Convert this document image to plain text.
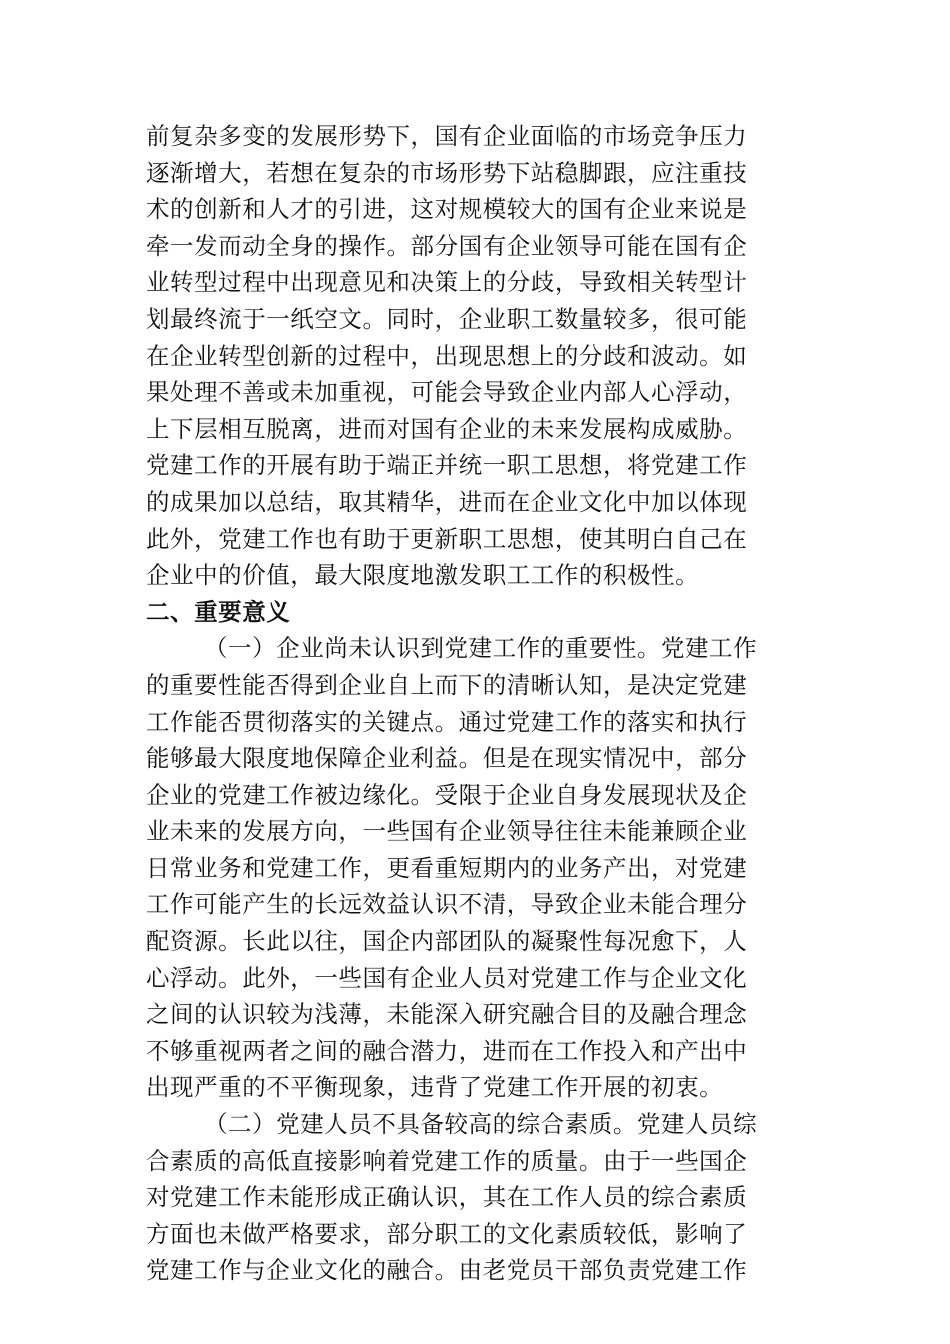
前复杂多变的发展形势下，国有企业面临的市场竞争压力
逐渐增大，若想在复杂的市场形势下站稳脚跟，应注重技
术的创新和人才的引进，这对规模较大的国有企业来说是
牵一发而动全身的操作。部分国有企业领导可能在国有企
业转型过程中出现意见和决策上的分歧，导致相关转型计
划最终流于一纸空文。同时，企业职工数量较多，很可能
在企业转型创新的过程中，出现思想上的分歧和波动。如
果处理不善或未加重视，可能会导致企业内部人心浮动，
上下层相互脱离，进而对国有企业的未来发展构成威胁。
党建工作的开展有助于端正并统一职工思想，将党建工作
的成果加以总结，取其精华，进而在企业文化中加以体现
此外，党建工作也有助于更新职工思想，使其明白自己在
企业中的价值，最大限度地激发职工工作的积极性。

二、重要意义

（一）企业尚未认识到党建工作的重要性。党建工作
的重要性能否得到企业自上而下的清晰认知，是决定党建
工作能否贯彻落实的关键点。通过党建工作的落实和执行
能够最大限度地保障企业利益。但是在现实情况中，部分
企业的党建工作被边缘化。受限于企业自身发展现状及企
业未来的发展方向，一些国有企业领导往往未能兼顾企业
日常业务和党建工作，更看重短期内的业务产出，对党建
工作可能产生的长远效益认识不清，导致企业未能合理分
配资源。长此以往，国企内部团队的凝聚性每况愈下，人
心浮动。此外，一些国有企业人员对党建工作与企业文化
之间的认识较为浅薄，未能深入研究融合目的及融合理念
不够重视两者之间的融合潜力，进而在工作投入和产出中
出现严重的不平衡现象，违背了党建工作开展的初衷。

（二）党建人员不具备较高的综合素质。党建人员综
合素质的高低直接影响着党建工作的质量。由于一些国企
对党建工作未能形成正确认识，其在工作人员的综合素质
方面也未做严格要求，部分职工的文化素质较低，影响了
党建工作与企业文化的融合。由老党员干部负责党建工作
